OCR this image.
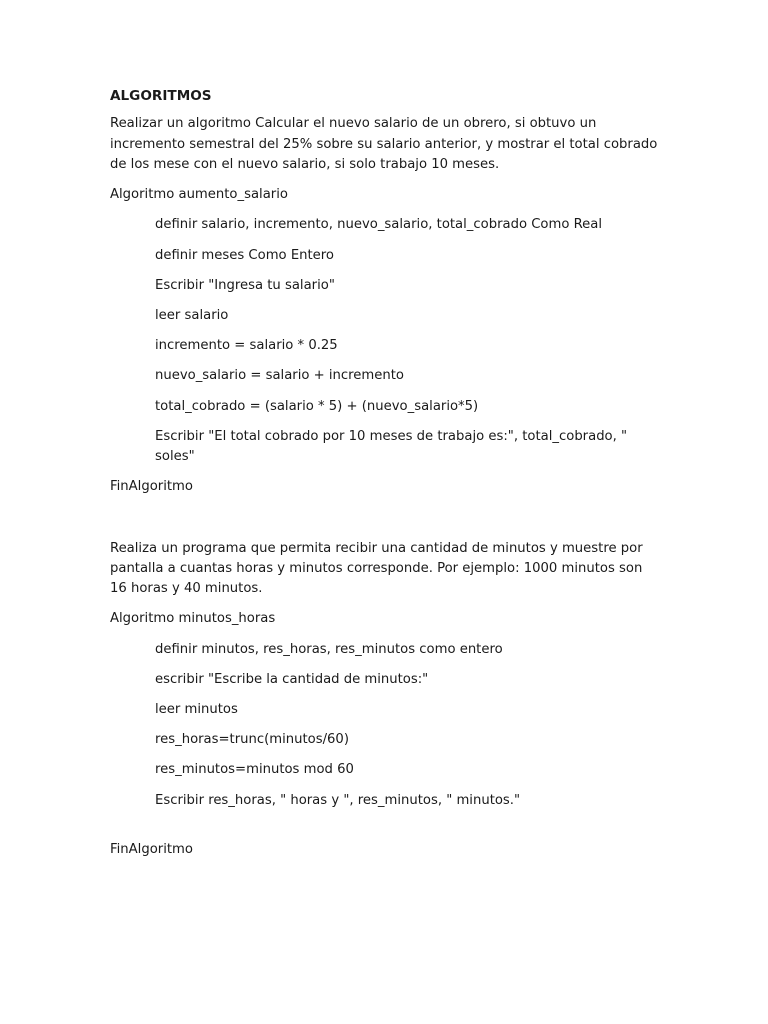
ALGORITMOS

Realizar un algoritmo Calcular el nuevo salario de un obrero, si obtuvo un incremento semestral del 25% sobre su salario anterior, y mostrar el total cobrado de los mese con el nuevo salario, si solo trabajo 10 meses.

Algoritmo aumento_salario

definir salario, incremento, nuevo_salario, total_cobrado Como Real

definir meses Como Entero

Escribir "Ingresa tu salario"

leer salario

incremento = salario * 0.25

nuevo_salario = salario + incremento

total_cobrado = (salario * 5) + (nuevo_salario*5)

Escribir "El total cobrado por 10 meses de trabajo es:", total_cobrado, " soles"

FinAlgoritmo

Realiza un programa que permita recibir una cantidad de minutos y muestre por pantalla a cuantas horas y minutos corresponde. Por ejemplo: 1000 minutos son 16 horas y 40 minutos.

Algoritmo minutos_horas

definir minutos, res_horas, res_minutos como entero

escribir "Escribe la cantidad de minutos:"

leer minutos

res_horas=trunc(minutos/60)

res_minutos=minutos mod 60

Escribir res_horas, " horas y ", res_minutos, " minutos."

FinAlgoritmo
